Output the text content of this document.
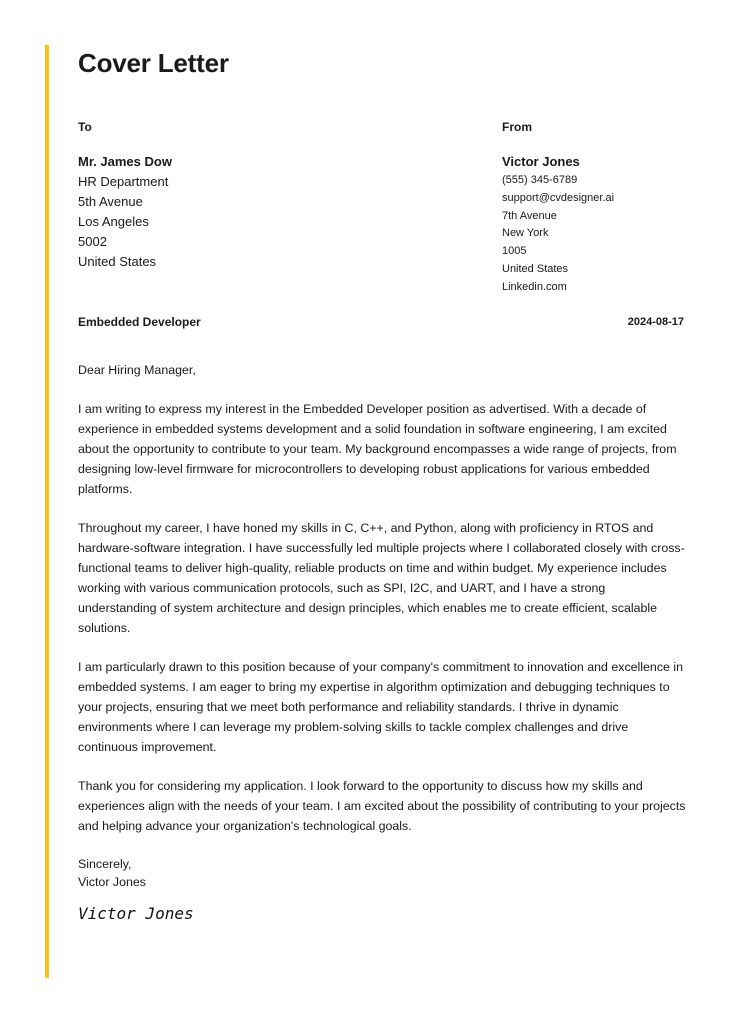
Cover Letter
To
Mr. James Dow
HR Department
5th Avenue
Los Angeles
5002
United States
From
Victor Jones
(555) 345-6789
support@cvdesigner.ai
7th Avenue
New York
1005
United States
Linkedin.com
Embedded Developer	2024-08-17

Dear Hiring Manager,

I am writing to express my interest in the Embedded Developer position as advertised. With a decade of experience in embedded systems development and a solid foundation in software engineering, I am excited about the opportunity to contribute to your team. My background encompasses a wide range of projects, from designing low-level firmware for microcontrollers to developing robust applications for various embedded platforms.

Throughout my career, I have honed my skills in C, C++, and Python, along with proficiency in RTOS and hardware-software integration. I have successfully led multiple projects where I collaborated closely with cross-functional teams to deliver high-quality, reliable products on time and within budget. My experience includes working with various communication protocols, such as SPI, I2C, and UART, and I have a strong understanding of system architecture and design principles, which enables me to create efficient, scalable solutions.

I am particularly drawn to this position because of your company's commitment to innovation and excellence in embedded systems. I am eager to bring my expertise in algorithm optimization and debugging techniques to your projects, ensuring that we meet both performance and reliability standards. I thrive in dynamic environments where I can leverage my problem-solving skills to tackle complex challenges and drive continuous improvement.

Thank you for considering my application. I look forward to the opportunity to discuss how my skills and experiences align with the needs of your team. I am excited about the possibility of contributing to your projects and helping advance your organization's technological goals.

Sincerely,
Victor Jones
Victor Jones
